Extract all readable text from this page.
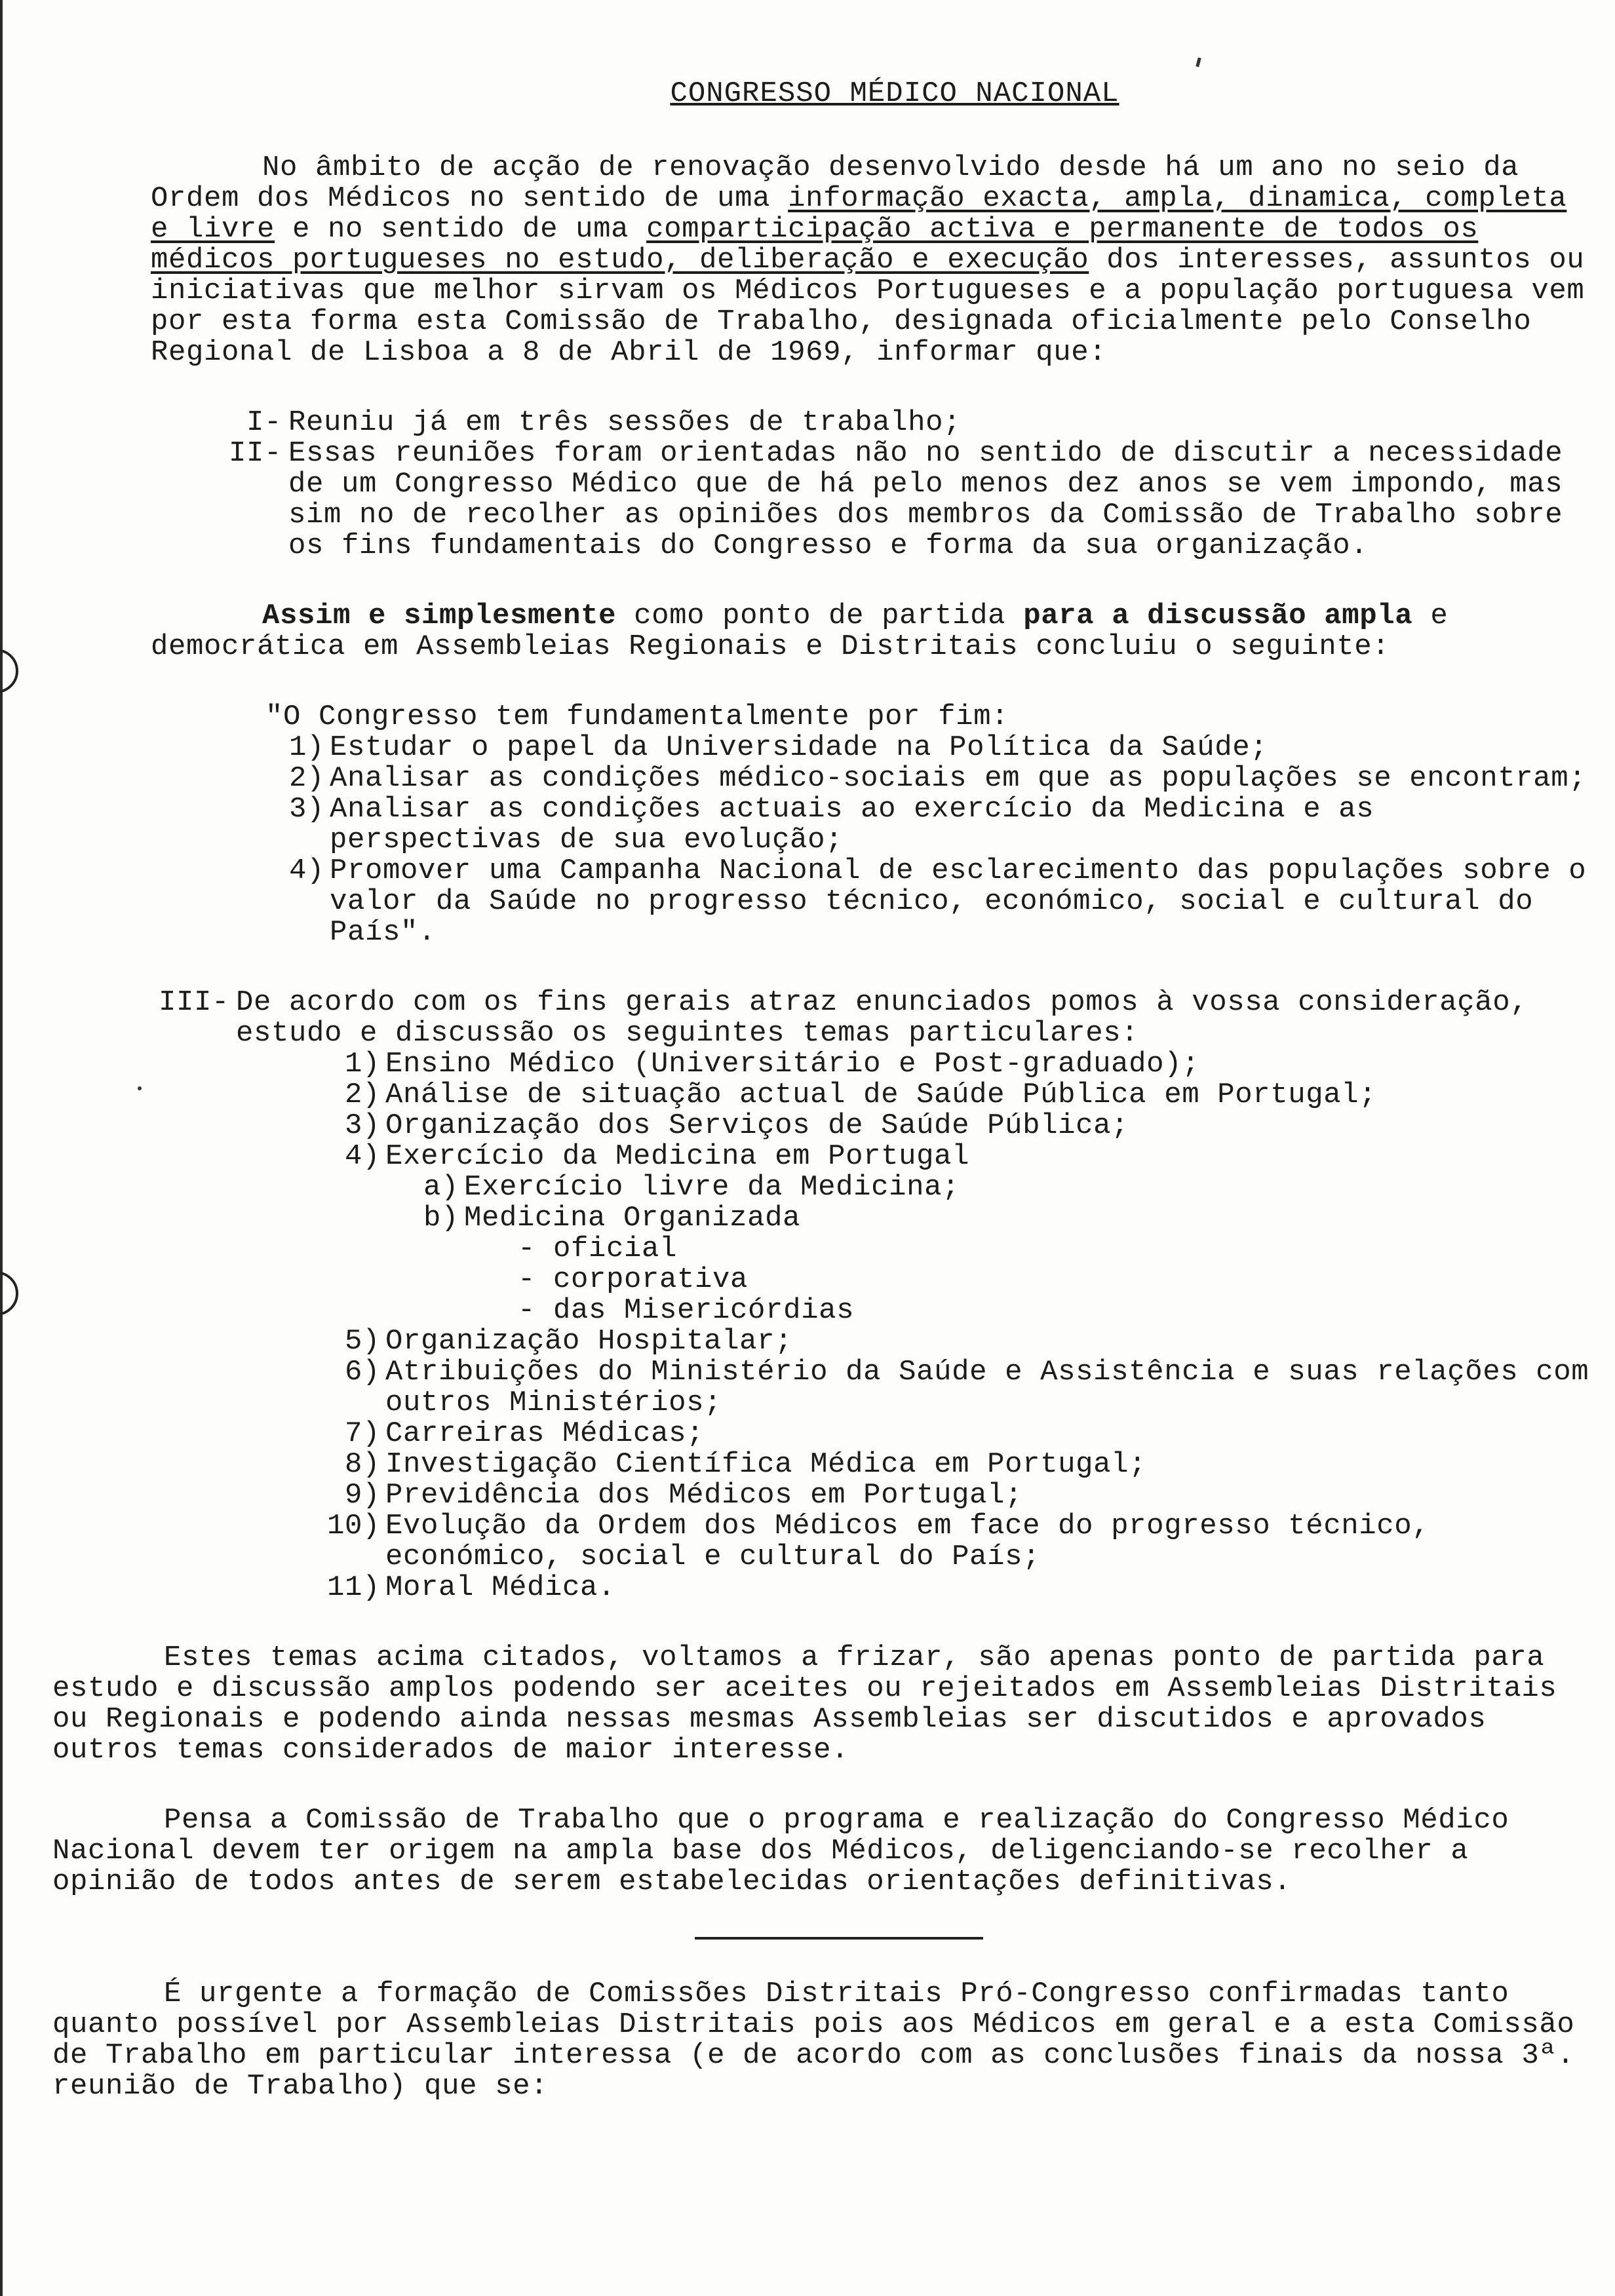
CONGRESSO MÉDICO NACIONAL

No âmbito de acção de renovação desenvolvido desde há um ano no seio da Ordem dos Médicos no sentido de uma informação exacta, ampla, dinamica, completa e livre e no sentido de uma comparticipação activa e permanente de todos os médicos portugueses no estudo, deliberação e execução dos interesses, assuntos ou iniciativas que melhor sirvam os Médicos Portugueses e a população portuguesa vem por esta forma esta Comissão de Trabalho, designada oficialmente pelo Conselho Regional de Lisboa a 8 de Abril de 1969, informar que:

I- Reuniu já em três sessões de trabalho;
II- Essas reuniões foram orientadas não no sentido de discutir a necessidade de um Congresso Médico que de há pelo menos dez anos se vem impondo, mas sim no de recolher as opiniões dos membros da Comissão de Trabalho sobre os fins fundamentais do Congresso e forma da sua organização.

Assim e simplesmente como ponto de partida para a discussão ampla e democrática em Assembleias Regionais e Distritais concluiu o seguinte:

"O Congresso tem fundamentalmente por fim:

1) Estudar o papel da Universidade na Política da Saúde;
2) Analisar as condições médico-sociais em que as populações se encontram;
3) Analisar as condições actuais ao exercício da Medicina e as perspectivas de sua evolução;
4) Promover uma Campanha Nacional de esclarecimento das populações sobre o valor da Saúde no progresso técnico, económico, social e cultural do País".
III- De acordo com os fins gerais atraz enunciados pomos à vossa consideração, estudo e discussão os seguintes temas particulares:
1) Ensino Médico (Universitário e Post-graduado);
2) Análise de situação actual de Saúde Pública em Portugal;
3) Organização dos Serviços de Saúde Pública;
4) Exercício da Medicina em Portugal
a) Exercício livre da Medicina;
b) Medicina Organizada
- oficial
- corporativa
- das Misericórdias
5) Organização Hospitalar;
6) Atribuições do Ministério da Saúde e Assistência e suas relações com outros Ministérios;
7) Carreiras Médicas;
8) Investigação Científica Médica em Portugal;
9) Previdência dos Médicos em Portugal;
10) Evolução da Ordem dos Médicos em face do progresso técnico, económico, social e cultural do País;
11) Moral Médica.

Estes temas acima citados, voltamos a frizar, são apenas ponto de partida para estudo e discussão amplos podendo ser aceites ou rejeitados em Assembleias Distritais ou Regionais e podendo ainda nessas mesmas Assembleias ser discutidos e aprovados outros temas considerados de maior interesse.

Pensa a Comissão de Trabalho que o programa e realização do Congresso Médico Nacional devem ter origem na ampla base dos Médicos, deligenciando-se recolher a opinião de todos antes de serem estabelecidas orientações definitivas.

É urgente a formação de Comissões Distritais Pró-Congresso confirmadas tanto quanto possível por Assembleias Distritais pois aos Médicos em geral e a esta Comissão de Trabalho em particular interessa (e de acordo com as conclusões finais da nossa 3ª. reunião de Trabalho) que se:
